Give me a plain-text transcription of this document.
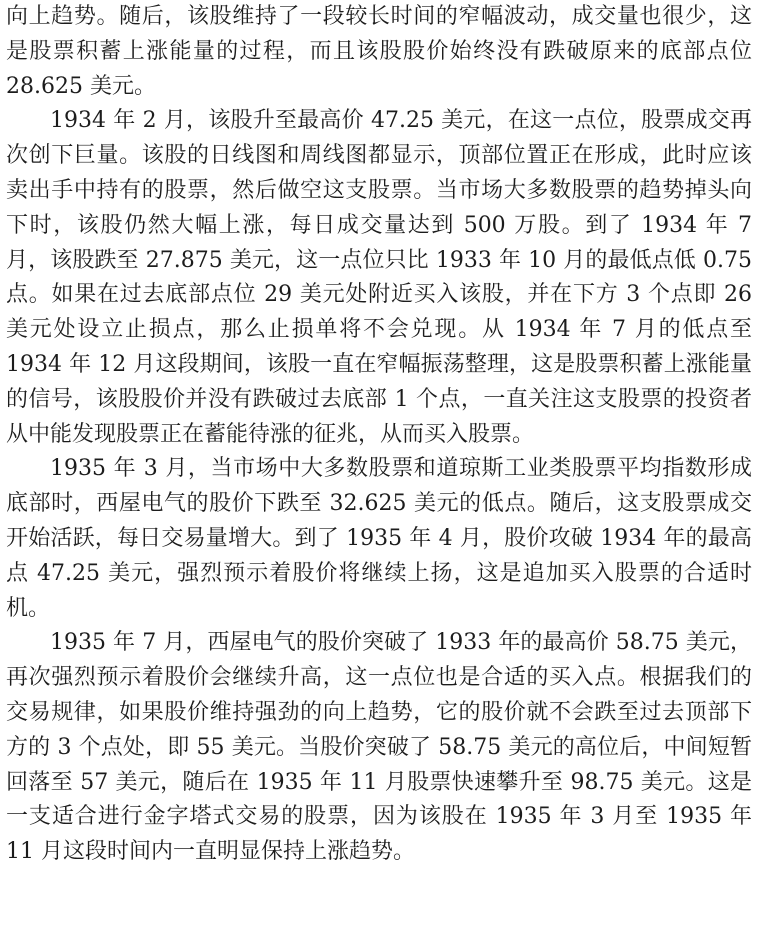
向上趋势。随后，该股维持了一段较长时间的窄幅波动，成交量也很少，这是股票积蓄上涨能量的过程，而且该股股价始终没有跌破原来的底部点位 28.625 美元。

1934 年 2 月，该股升至最高价 47.25 美元，在这一点位，股票成交再次创下巨量。该股的日线图和周线图都显示，顶部位置正在形成，此时应该卖出手中持有的股票，然后做空这支股票。当市场大多数股票的趋势掉头向下时，该股仍然大幅上涨，每日成交量达到 500 万股。到了 1934 年 7 月，该股跌至 27.875 美元，这一点位只比 1933 年 10 月的最低点低 0.75 点。如果在过去底部点位 29 美元处附近买入该股，并在下方 3 个点即 26 美元处设立止损点，那么止损单将不会兑现。从 1934 年 7 月的低点至 1934 年 12 月这段期间，该股一直在窄幅振荡整理，这是股票积蓄上涨能量的信号，该股股价并没有跌破过去底部 1 个点，一直关注这支股票的投资者从中能发现股票正在蓄能待涨的征兆，从而买入股票。

1935 年 3 月，当市场中大多数股票和道琼斯工业类股票平均指数形成底部时，西屋电气的股价下跌至 32.625 美元的低点。随后，这支股票成交开始活跃，每日交易量增大。到了 1935 年 4 月，股价攻破 1934 年的最高点 47.25 美元，强烈预示着股价将继续上扬，这是追加买入股票的合适时机。

1935 年 7 月，西屋电气的股价突破了 1933 年的最高价 58.75 美元，再次强烈预示着股价会继续升高，这一点位也是合适的买入点。根据我们的交易规律，如果股价维持强劲的向上趋势，它的股价就不会跌至过去顶部下方的 3 个点处，即 55 美元。当股价突破了 58.75 美元的高位后，中间短暂回落至 57 美元，随后在 1935 年 11 月股票快速攀升至 98.75 美元。这是一支适合进行金字塔式交易的股票，因为该股在 1935 年 3 月至 1935 年 11 月这段时间内一直明显保持上涨趋势。
